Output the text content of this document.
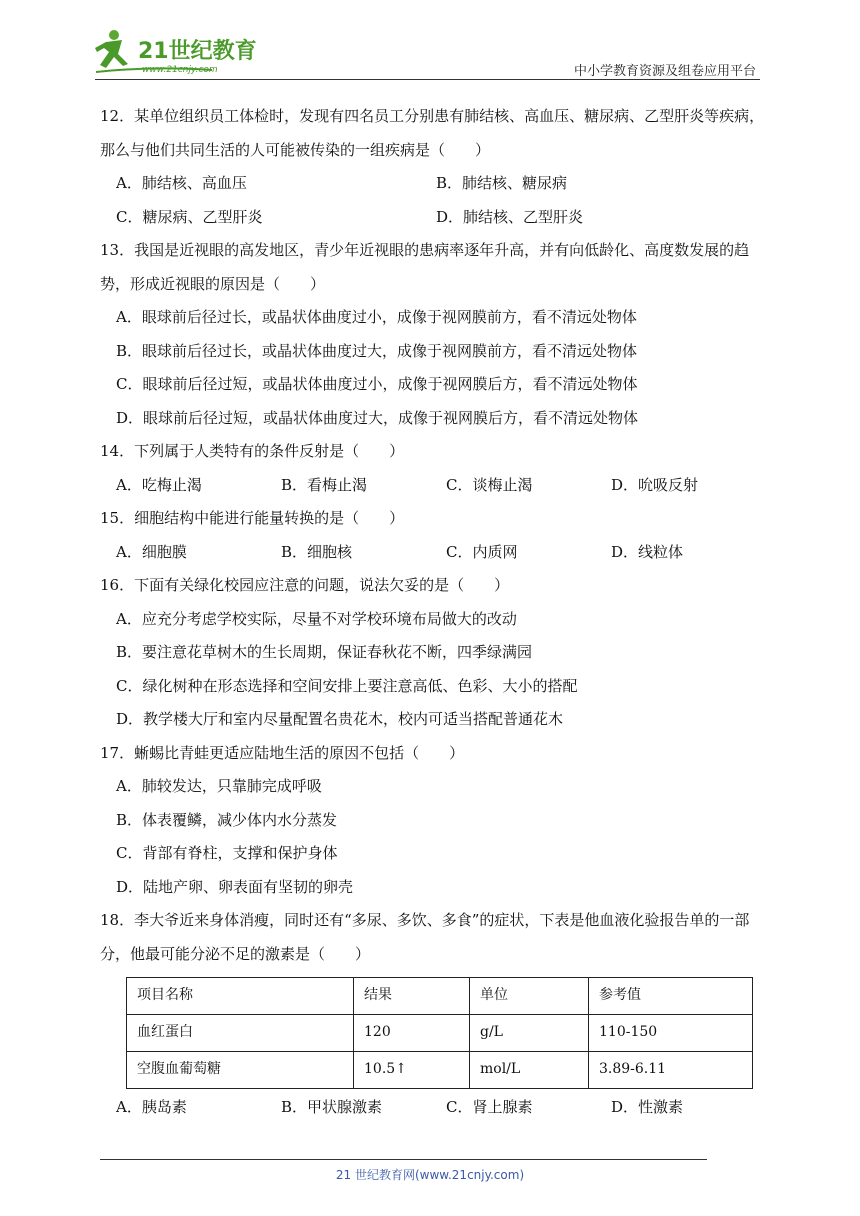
21世纪教育
www.21cnjy.com	中小学教育资源及组卷应用平台
12．某单位组织员工体检时，发现有四名员工分别患有肺结核、高血压、糖尿病、乙型肝炎等疾病，那么与他们共同生活的人可能被传染的一组疾病是（　　）
A．肺结核、高血压	B．肺结核、糖尿病
C．糖尿病、乙型肝炎	D．肺结核、乙型肝炎
13．我国是近视眼的高发地区，青少年近视眼的患病率逐年升高，并有向低龄化、高度数发展的趋势，形成近视眼的原因是（　　）
A．眼球前后径过长，或晶状体曲度过小，成像于视网膜前方，看不清远处物体
B．眼球前后径过长，或晶状体曲度过大，成像于视网膜前方，看不清远处物体
C．眼球前后径过短，或晶状体曲度过小，成像于视网膜后方，看不清远处物体
D．眼球前后径过短，或晶状体曲度过大，成像于视网膜后方，看不清远处物体
14．下列属于人类特有的条件反射是（　　）
A．吃梅止渴	B．看梅止渴	C．谈梅止渴	D．吮吸反射
15．细胞结构中能进行能量转换的是（　　）
A．细胞膜	B．细胞核	C．内质网	D．线粒体
16．下面有关绿化校园应注意的问题，说法欠妥的是（　　）
A．应充分考虑学校实际，尽量不对学校环境布局做大的改动
B．要注意花草树木的生长周期，保证春秋花不断，四季绿满园
C．绿化树种在形态选择和空间安排上要注意高低、色彩、大小的搭配
D．教学楼大厅和室内尽量配置名贵花木，校内可适当搭配普通花木
17．蜥蜴比青蛙更适应陆地生活的原因不包括（　　）
A．肺较发达，只靠肺完成呼吸
B．体表覆鳞，减少体内水分蒸发
C．背部有脊柱，支撑和保护身体
D．陆地产卵、卵表面有坚韧的卵壳
18．李大爷近来身体消瘦，同时还有“多尿、多饮、多食”的症状，下表是他血液化验报告单的一部分，他最可能分泌不足的激素是（　　）
项目名称	结果	单位	参考值
血红蛋白	120	g/L	110-150
空腹血葡萄糖	10.5↑	mol/L	3.89-6.11
A．胰岛素	B．甲状腺激素	C．肾上腺素	D．性激素
21 世纪教育网(www.21cnjy.com)
